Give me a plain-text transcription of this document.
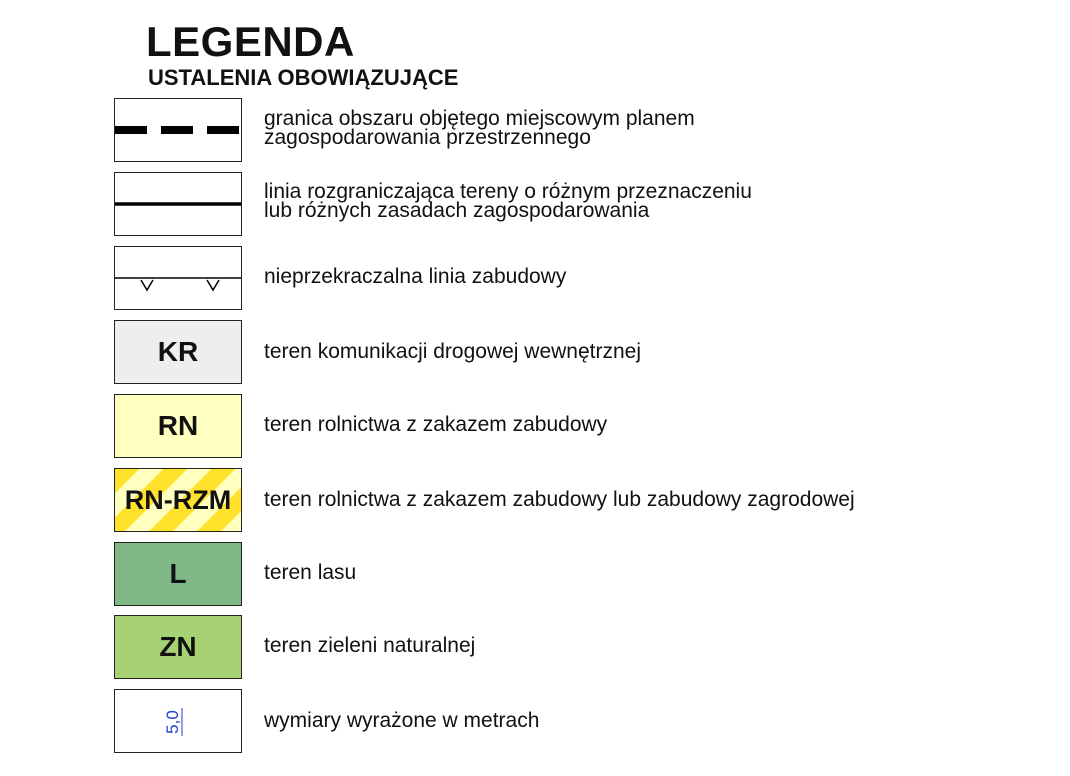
LEGENDA
USTALENIA OBOWIĄZUJĄCE
granica obszaru objętego miejscowym planem
zagospodarowania przestrzennego
linia rozgraniczająca tereny o różnym przeznaczeniu
lub różnych zasadach zagospodarowania
nieprzekraczalna linia zabudowy
KR	teren komunikacji drogowej wewnętrznej
RN	teren rolnictwa z zakazem zabudowy
RN-RZM	teren rolnictwa z zakazem zabudowy lub zabudowy zagrodowej
L	teren lasu
ZN	teren zieleni naturalnej
5,0	wymiary wyrażone w metrach
